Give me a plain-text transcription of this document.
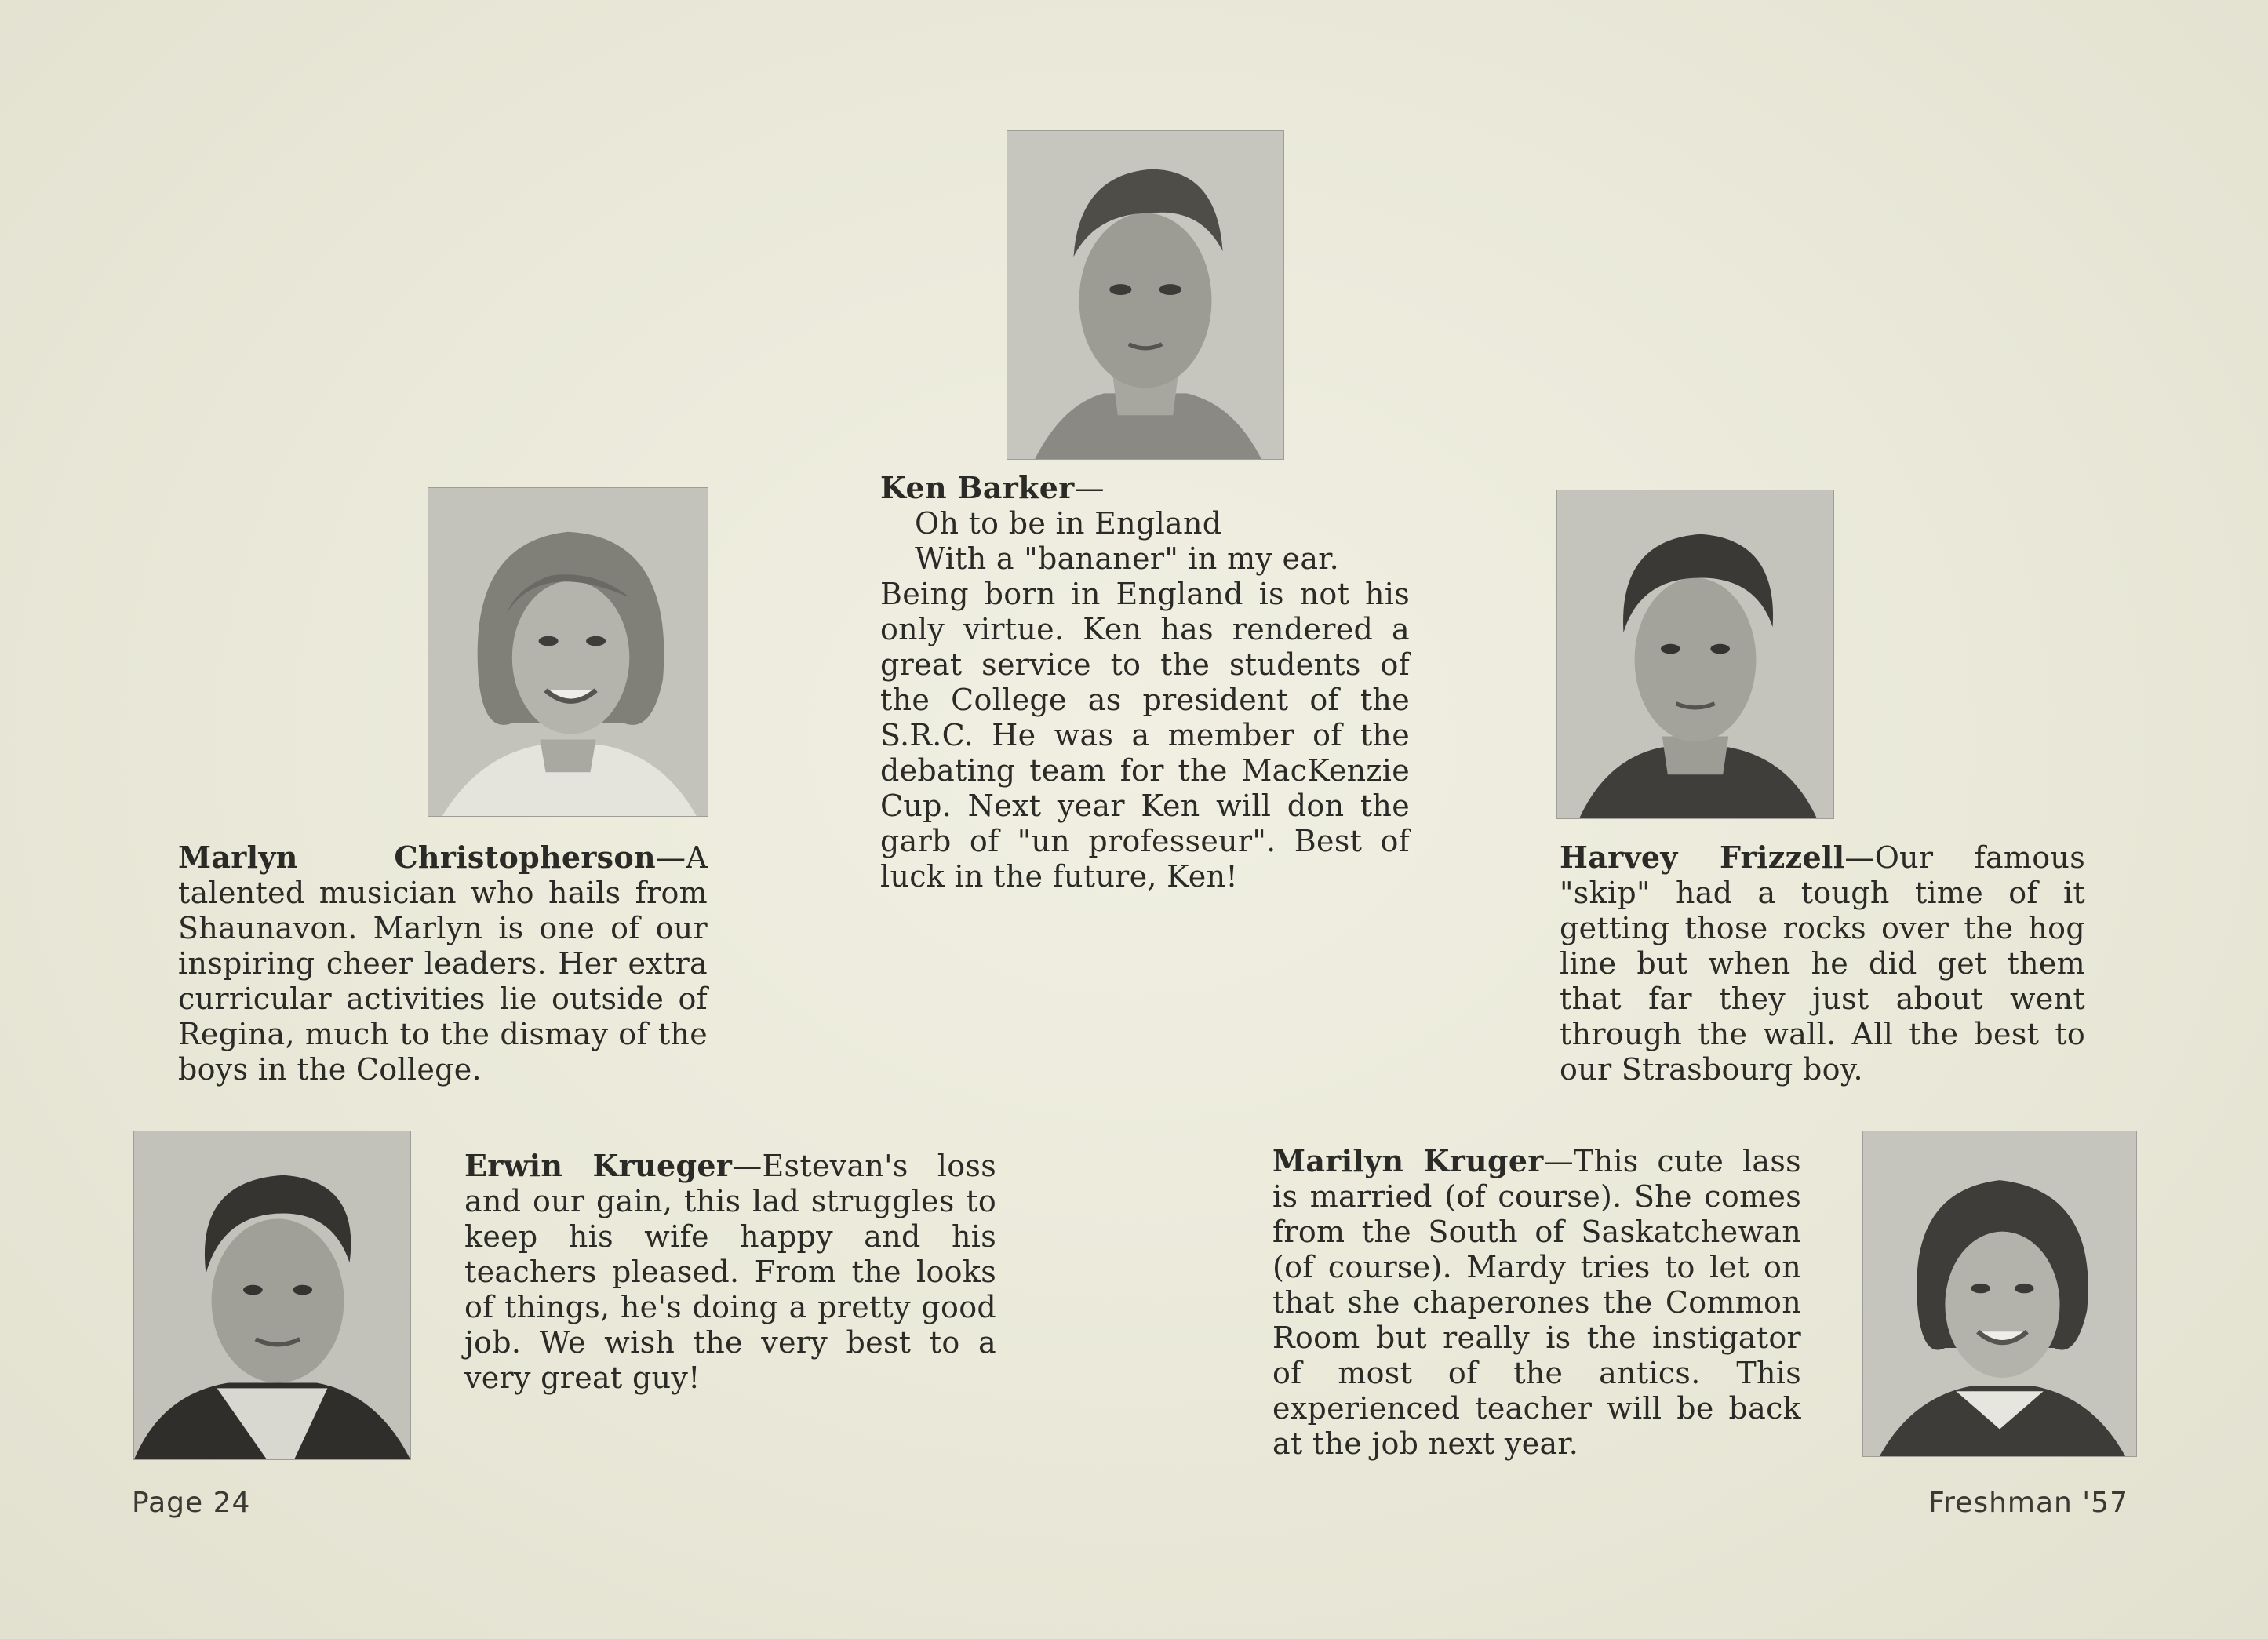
Ken Barker—
Oh to be in England
With a "bananer" in my ear.
Being born in England is not his only virtue. Ken has rendered a great service to the students of the College as president of the S.R.C. He was a member of the debating team for the MacKenzie Cup. Next year Ken will don the garb of "un professeur". Best of luck in the future, Ken!
Marlyn Christopherson—A talented musician who hails from Shaunavon. Marlyn is one of our inspiring cheer leaders. Her extra curricular activities lie outside of Regina, much to the dismay of the boys in the College.
Harvey Frizzell—Our famous "skip" had a tough time of it getting those rocks over the hog line but when he did get them that far they just about went through the wall. All the best to our Strasbourg boy.
Erwin Krueger—Estevan's loss and our gain, this lad struggles to keep his wife happy and his teachers pleased. From the looks of things, he's doing a pretty good job. We wish the very best to a very great guy!
Marilyn Kruger—This cute lass is married (of course). She comes from the South of Saskatchewan (of course). Mardy tries to let on that she chaperones the Common Room but really is the instigator of most of the antics. This experienced teacher will be back at the job next year.
Page 24	Freshman '57
